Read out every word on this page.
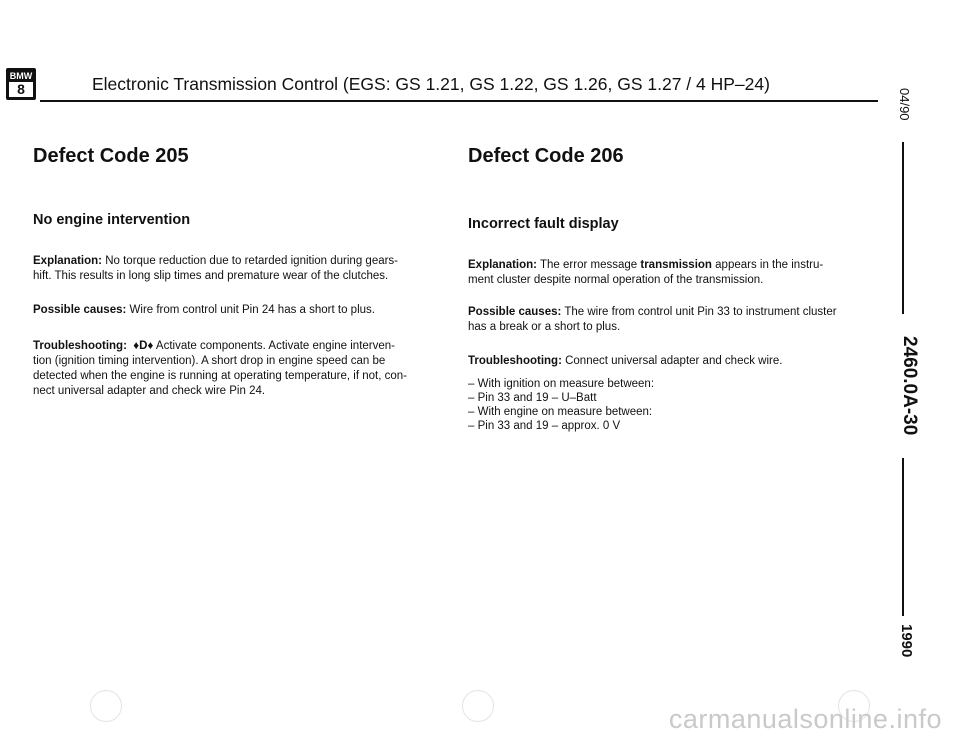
BMW
8	Electronic Transmission Control (EGS: GS 1.21, GS 1.22, GS 1.26, GS 1.27 / 4 HP–24)
04/90
2460.0A-30
1990
Defect Code 205
No engine intervention
Explanation: No torque reduction due to retarded ignition during gears-
hift. This results in long slip times and premature wear of the clutches.
Possible causes: Wire from control unit Pin 24 has a short to plus.
Troubleshooting: ♦D♦ Activate components. Activate engine interven-
tion (ignition timing intervention). A short drop in engine speed can be
detected when the engine is running at operating temperature, if not, con-
nect universal adapter and check wire Pin 24.
Defect Code 206
Incorrect fault display
Explanation: The error message transmission appears in the instru-
ment cluster despite normal operation of the transmission.
Possible causes: The wire from control unit Pin 33 to instrument cluster
has a break or a short to plus.
Troubleshooting: Connect universal adapter and check wire.
– With ignition on measure between:
– Pin 33 and 19 – U–Batt
– With engine on measure between:
– Pin 33 and 19 – approx. 0 V
carmanualsonline.info
